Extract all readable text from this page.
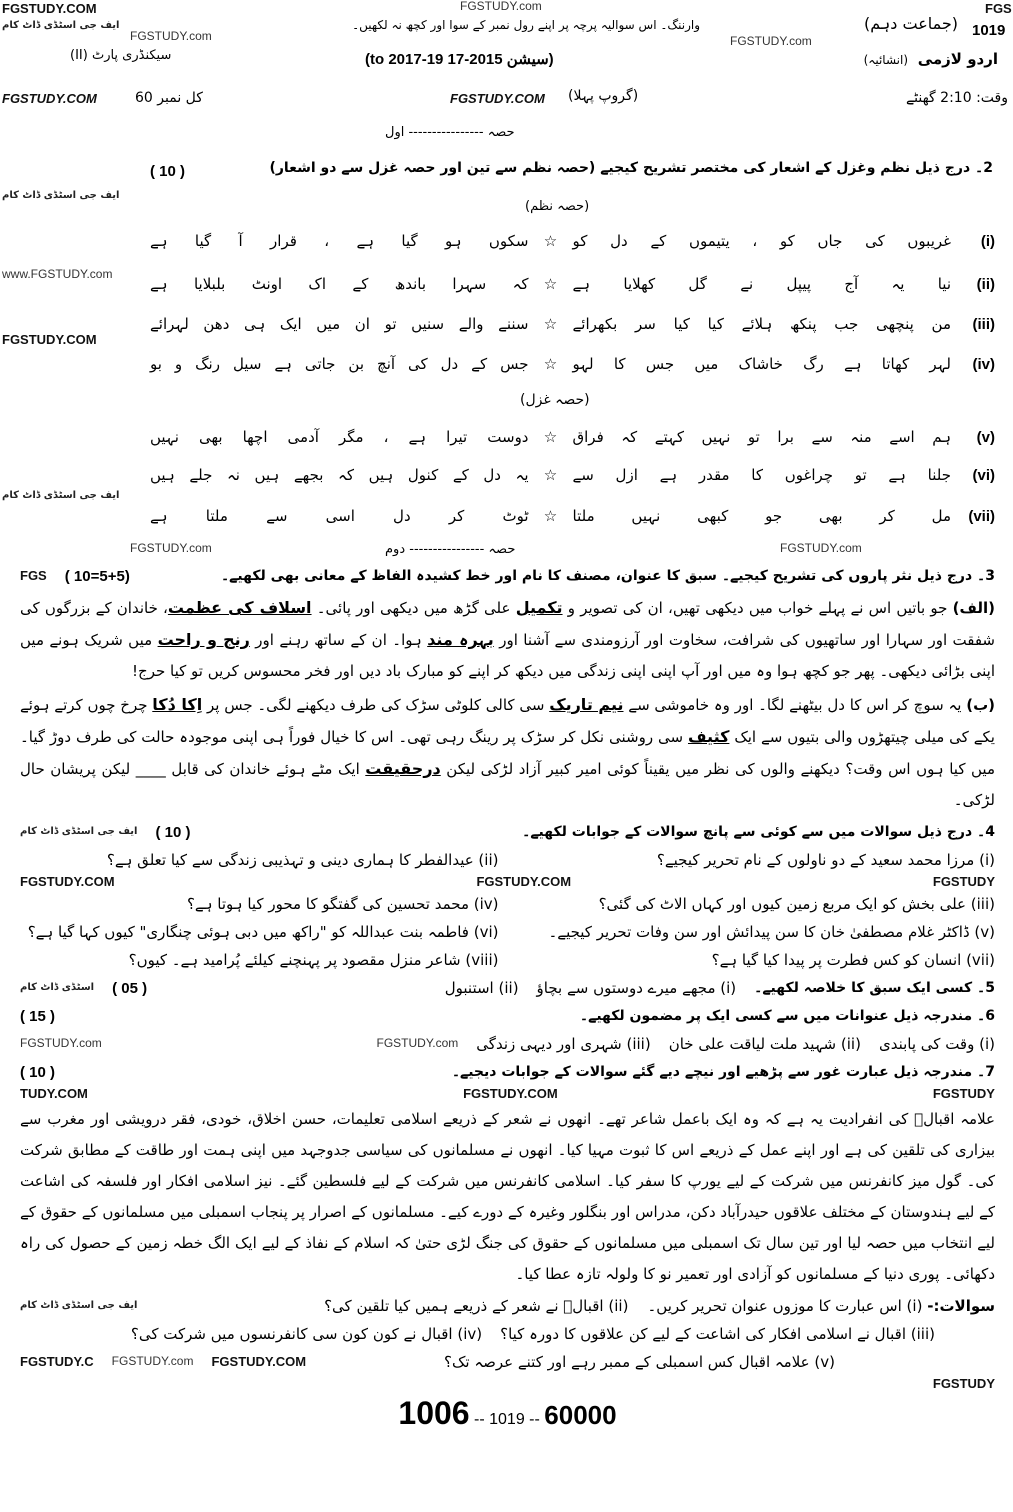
FGSTUDY.COM	FGSTUDY.com	FGS
FGSTUDY.com	FGSTUDY.com
FGSTUDY.COM	FGSTUDY.COM
www.FGSTUDY.com
FGSTUDY.COM
FGSTUDY.com	FGSTUDY.com
ایف جی اسٹڈی ڈاٹ کام
ایف جی اسٹڈی ڈاٹ کام
ایف جی اسٹڈی ڈاٹ کام
(جماعت دہم) 1019
وارننگ۔ اس سوالیہ پرچہ پر اپنے رول نمبر کے سوا اور کچھ نہ لکھیں۔
سیکنڈری پارٹ (II)	(سیشن 2015-17 to 2017-19)	اردو لازمی
(انشائیہ)
کل نمبر 60	(گروپ پہلا)	وقت: 2:10 گھنٹے
حصہ ---------------- اول
2۔ درج ذیل نظم وغزل کے اشعار کی مختصر تشریح کیجیے (حصہ نظم سے تین اور حصہ غزل سے دو اشعار)
( 10 )
(حصہ نظم)
(i)
غریبوں کی جاں کو ، یتیموں کے دل کو
☆
سکوں ہو گیا ہے ، قرار آ گیا ہے
(ii)
نیا یہ آج پیپل نے گل کھلایا ہے
☆
کہ سہرا باندھ کے اک اونٹ بلبلایا ہے
(iii)
من پنچھی جب پنکھ ہلائے کیا کیا سر بکھرائے
☆
سننے والے سنیں تو ان میں ایک ہی دھن لہرائے
(iv)
لہر کھاتا ہے رگ خاشاک میں جس کا لہو
☆
جس کے دل کی آنچ بن جاتی ہے سیل رنگ و بو
(حصہ غزل)
(v)
ہم اسے منہ سے برا تو نہیں کہتے کہ فراق
☆
دوست تیرا ہے ، مگر آدمی اچھا بھی نہیں
(vi)
جلنا ہے تو چراغوں کا مقدر ہے ازل سے
☆
یہ دل کے کنول ہیں کہ بجھے ہیں نہ جلے ہیں
(vii)
مل کر بھی جو کبھی نہیں ملتا
☆
ٹوٹ کر دل اسی سے ملتا ہے
حصہ ---------------- دوم
3۔ درج ذیل نثر پاروں کی تشریح کیجیے۔ سبق کا عنوان، مصنف کا نام اور خط کشیدہ الفاظ کے معانی بھی لکھیے۔
(5+5=10 )
FGS
(الف) جو باتیں اس نے پہلے خواب میں دیکھی تھیں، ان کی تصویر و تکمیل علی گڑھ میں دیکھی اور پائی۔ اسلاف کی عظمت، خاندان کے بزرگوں کی شفقت اور سہارا اور ساتھیوں کی شرافت، سخاوت اور آرزومندی سے آشنا اور بہرہ مند ہوا۔ ان کے ساتھ رہنے اور رنج و راحت میں شریک ہونے میں اپنی بڑائی دیکھی۔ پھر جو کچھ ہوا وہ میں اور آپ اپنی اپنی زندگی میں دیکھ کر اپنے کو مبارک باد دیں اور فخر محسوس کریں تو کیا حرج!
(ب) یہ سوچ کر اس کا دل بیٹھنے لگا۔ اور وہ خاموشی سے نیم تاریک سی کالی کلوٹی سڑک کی طرف دیکھنے لگی۔ جس پر اِکا دُکا چرخ چوں کرتے ہوئے یکے کی میلی چیتھڑوں والی بتیوں سے ایک کثیف سی روشنی نکل کر سڑک پر رینگ رہی تھی۔ اس کا خیال فوراً ہی اپنی موجودہ حالت کی طرف دوڑ گیا۔ میں کیا ہوں اس وقت؟ دیکھنے والوں کی نظر میں یقیناً کوئی امیر کبیر آزاد لڑکی لیکن درحقیقت ایک مٹے ہوئے خاندان کی قابل ____ لیکن پریشان حال لڑکی۔
4۔ درج ذیل سوالات میں سے کوئی سے پانچ سوالات کے جوابات لکھیے۔
( 10 )
ایف جی اسٹڈی ڈاٹ کام
(i) مرزا محمد سعید کے دو ناولوں کے نام تحریر کیجیے؟
(ii) عیدالفطر کا ہماری دینی و تہذیبی زندگی سے کیا تعلق ہے؟
FGSTUDY.COM	FGSTUDY.COM	FGSTUDY
(iii) علی بخش کو ایک مربع زمین کیوں اور کہاں الاٹ کی گئی؟
(iv) محمد تحسین کی گفتگو کا محور کیا ہوتا ہے؟
(v) ڈاکٹر غلام مصطفیٰ خان کا سن پیدائش اور سن وفات تحریر کیجیے۔
(vi) فاطمہ بنت عبداللہ کو "راکھ میں دبی ہوئی چنگاری" کیوں کہا گیا ہے؟
(vii) انسان کو کس فطرت پر پیدا کیا گیا ہے؟
(viii) شاعر منزل مقصود پر پہنچنے کیلئے پُرامید ہے۔ کیوں؟
5۔ کسی ایک سبق کا خلاصہ لکھیے۔
(i) مجھے میرے دوستوں سے بچاؤ
(ii) استنبول
( 05 )
اسٹڈی ڈاٹ کام
6۔ مندرجہ ذیل عنوانات میں سے کسی ایک پر مضمون لکھیے۔
( 15 )
(i) وقت کی پابندی
(ii) شہید ملت لیاقت علی خان
(iii) شہری اور دیہی زندگی
FGSTUDY.com
FGSTUDY.com
7۔ مندرجہ ذیل عبارت غور سے پڑھیے اور نیچے دیے گئے سوالات کے جوابات دیجیے۔
( 10 )
TUDY.COM	FGSTUDY.COM	FGSTUDY
علامہ اقبالؒ کی انفرادیت یہ ہے کہ وہ ایک باعمل شاعر تھے۔ انھوں نے شعر کے ذریعے اسلامی تعلیمات، حسن اخلاق، خودی، فقر درویشی اور مغرب سے بیزاری کی تلقین کی ہے اور اپنے عمل کے ذریعے اس کا ثبوت مہیا کیا۔ انھوں نے مسلمانوں کی سیاسی جدوجہد میں اپنی ہمت اور طاقت کے مطابق شرکت کی۔ گول میز کانفرنس میں شرکت کے لیے یورپ کا سفر کیا۔ اسلامی کانفرنس میں شرکت کے لیے فلسطین گئے۔ نیز اسلامی افکار اور فلسفہ کی اشاعت کے لیے ہندوستان کے مختلف علاقوں حیدرآباد دکن، مدراس اور بنگلور وغیرہ کے دورے کیے۔ مسلمانوں کے اصرار پر پنجاب اسمبلی میں مسلمانوں کے حقوق کے لیے انتخاب میں حصہ لیا اور تین سال تک اسمبلی میں مسلمانوں کے حقوق کی جنگ لڑی حتیٰ کہ اسلام کے نفاذ کے لیے ایک الگ خطہ زمین کے حصول کی راہ دکھائی۔ پوری دنیا کے مسلمانوں کو آزادی اور تعمیر نو کا ولولہ تازہ عطا کیا۔
سوالات:- (i) اس عبارت کا موزوں عنوان تحریر کریں۔    (ii) اقبالؒ نے شعر کے ذریعے ہمیں کیا تلقین کی؟
ایف جی اسٹڈی ڈاٹ کام
(iii) اقبال نے اسلامی افکار کی اشاعت کے لیے کن علاقوں کا دورہ کیا؟
(iv) اقبال نے کون کون سی کانفرنسوں میں شرکت کی؟
(v) علامہ اقبال کس اسمبلی کے ممبر رہے اور کتنے عرصہ تک؟
FGSTUDY.COM
FGSTUDY.com
FGSTUDY.C
FGSTUDY
1006 -- 1019 -- 60000
